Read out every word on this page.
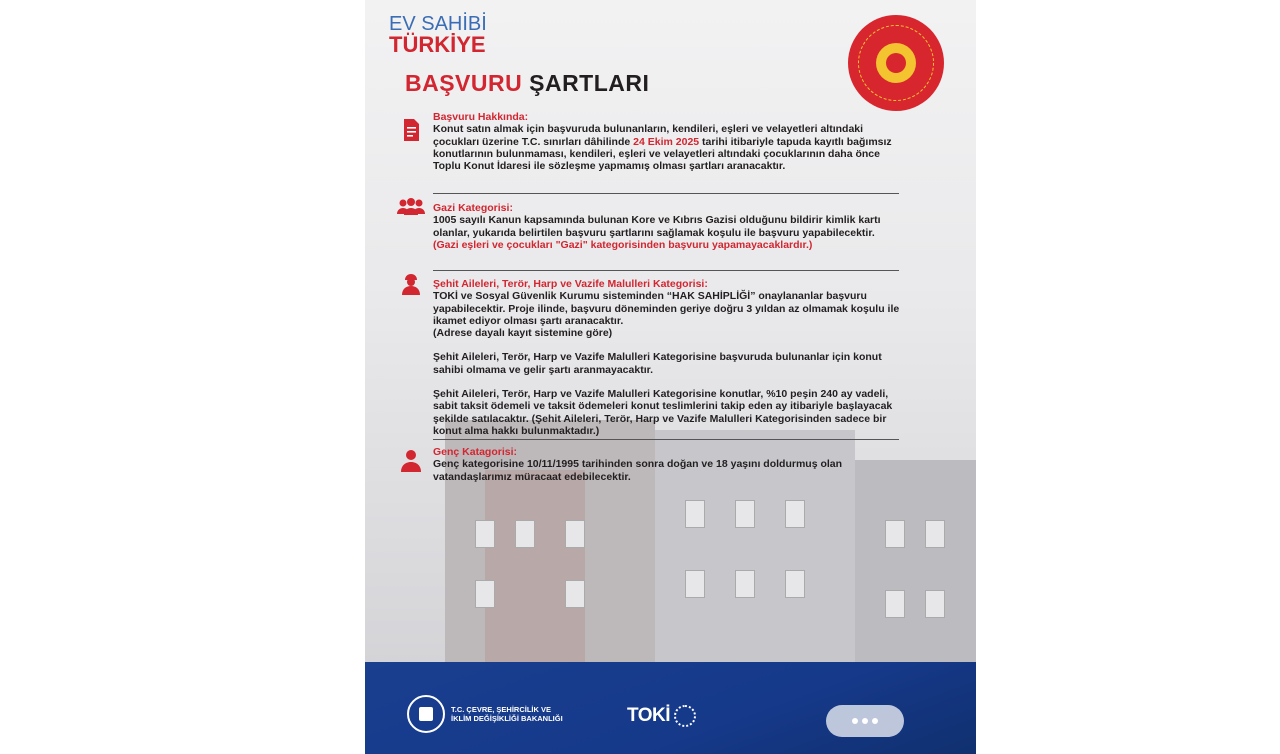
EV SAHİBİ
TÜRKİYE
BAŞVURU ŞARTLARI
Başvuru Hakkında:

Konut satın almak için başvuruda bulunanların, kendileri, eşleri ve velayetleri altındaki çocukları üzerine T.C. sınırları dâhilinde 24 Ekim 2025 tarihi itibariyle tapuda kayıtlı bağımsız konutlarının bulunmaması, kendileri, eşleri ve velayetleri altındaki çocuklarının daha önce Toplu Konut İdaresi ile sözleşme yapmamış olması şartları aranacaktır.

Gazi Kategorisi:

1005 sayılı Kanun kapsamında bulunan Kore ve Kıbrıs Gazisi olduğunu bildirir kimlik kartı olanlar, yukarıda belirtilen başvuru şartlarını sağlamak koşulu ile başvuru yapabilecektir. (Gazi eşleri ve çocukları "Gazi" kategorisinden başvuru yapamayacaklardır.)

Şehit Aileleri, Terör, Harp ve Vazife Malulleri Kategorisi:

TOKİ ve Sosyal Güvenlik Kurumu sisteminden “HAK SAHİPLİĞİ” onaylananlar başvuru yapabilecektir. Proje ilinde, başvuru döneminden geriye doğru 3 yıldan az olmamak koşulu ile ikamet ediyor olması şartı aranacaktır.

(Adrese dayalı kayıt sistemine göre)

Şehit Aileleri, Terör, Harp ve Vazife Malulleri Kategorisine başvuruda bulunanlar için konut sahibi olmama ve gelir şartı aranmayacaktır.

Şehit Aileleri, Terör, Harp ve Vazife Malulleri Kategorisine konutlar, %10 peşin 240 ay vadeli, sabit taksit ödemeli ve taksit ödemeleri konut teslimlerini takip eden ay itibariyle başlayacak şekilde satılacaktır. (Şehit Aileleri, Terör, Harp ve Vazife Malulleri Kategorisinden sadece bir konut alma hakkı bulunmaktadır.)

Genç Katagorisi:

Genç kategorisine 10/11/1995 tarihinden sonra doğan ve 18 yaşını doldurmuş olan vatandaşlarımız müracaat edebilecektir.

T.C. ÇEVRE, ŞEHİRCİLİK VE İKLİM DEĞİŞİKLİĞİ BAKANLIĞI	TOKİ
